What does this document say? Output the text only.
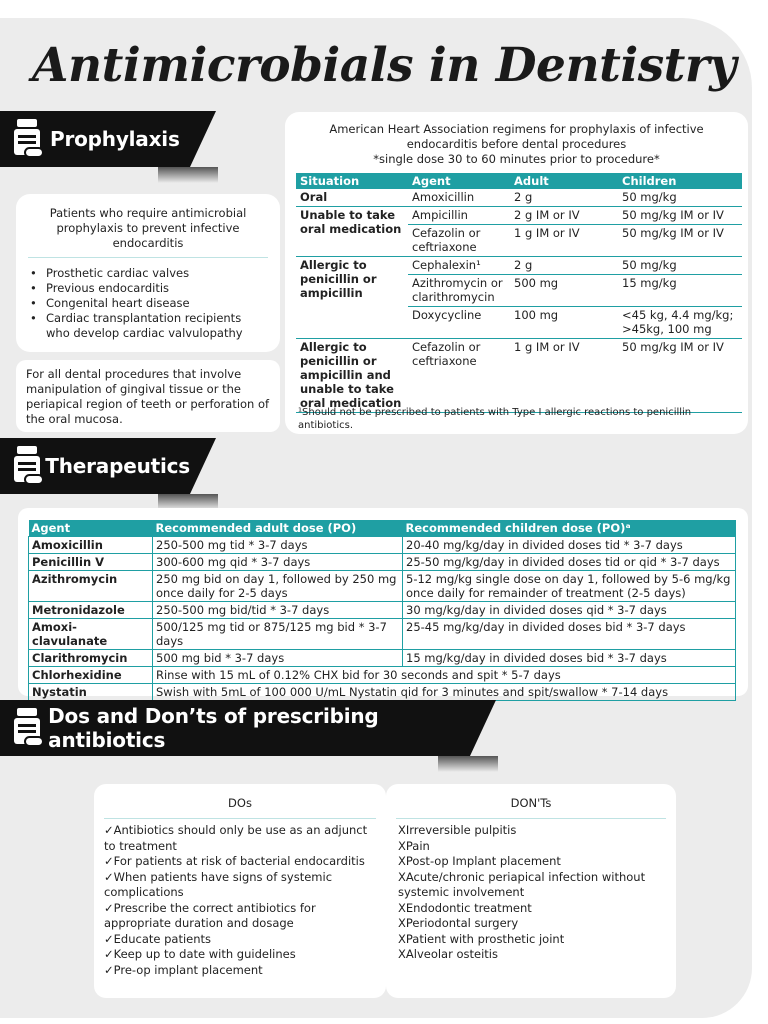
Antimicrobials in Dentistry
Prophylaxis
Patients who require antimicrobial prophylaxis to prevent infective endocarditis
• Prosthetic cardiac valves
• Previous endocarditis
• Congenital heart disease
• Cardiac transplantation recipients who develop cardiac valvulopathy
For all dental procedures that involve manipulation of gingival tissue or the periapical region of teeth or perforation of the oral mucosa.
American Heart Association regimens for prophylaxis of infective
endocarditis before dental procedures
*single dose 30 to 60 minutes prior to procedure*
Situation	Agent	Adult	Children
Oral	Amoxicillin	2 g	50 mg/kg
Unable to take oral medication	Ampicillin	2 g IM or IV	50 mg/kg IM or IV
	Cefazolin or ceftriaxone	1 g IM or IV	50 mg/kg IM or IV
Allergic to penicillin or ampicillin	Cephalexin¹	2 g	50 mg/kg
	Azithromycin or clarithromycin	500 mg	15 mg/kg
	Doxycycline	100 mg	<45 kg, 4.4 mg/kg; >45kg, 100 mg
Allergic to penicillin or ampicillin and unable to take oral medication	Cefazolin or ceftriaxone	1 g IM or IV	50 mg/kg IM or IV
¹Should not be prescribed to patients with Type I allergic reactions to penicillin antibiotics.
Therapeutics
Agent	Recommended adult dose (PO)	Recommended children dose (PO)ᵃ
Amoxicillin	250-500 mg tid * 3-7 days	20-40 mg/kg/day in divided doses tid * 3-7 days
Penicillin V	300-600 mg qid * 3-7 days	25-50 mg/kg/day in divided doses tid or qid * 3-7 days
Azithromycin	250 mg bid on day 1, followed by 250 mg once daily for 2-5 days	5-12 mg/kg single dose on day 1, followed by 5-6 mg/kg once daily for remainder of treatment (2-5 days)
Metronidazole	250-500 mg bid/tid * 3-7 days	30 mg/kg/day in divided doses qid * 3-7 days
Amoxi-clavulanate	500/125 mg tid or 875/125 mg bid * 3-7 days	25-45 mg/kg/day in divided doses bid * 3-7 days
Clarithromycin	500 mg bid * 3-7 days	15 mg/kg/day in divided doses bid * 3-7 days
Chlorhexidine	Rinse with 15 mL of 0.12% CHX bid for 30 seconds and spit * 5-7 days	
Nystatin	Swish with 5mL of 100 000 U/mL Nystatin qid for 3 minutes and spit/swallow * 7-14 days	
Dos and Don’ts of prescribing antibiotics
DOs
✓Antibiotics should only be use as an adjunct to treatment
✓For patients at risk of bacterial endocarditis
✓When patients have signs of systemic complications
✓Prescribe the correct antibiotics for appropriate duration and dosage
✓Educate patients
✓Keep up to date with guidelines
✓Pre-op implant placement
DON'Ts
ΧIrreversible pulpitis
ΧPain
ΧPost-op Implant placement
ΧAcute/chronic periapical infection without systemic involvement
ΧEndodontic treatment
ΧPeriodontal surgery
ΧPatient with prosthetic joint
ΧAlveolar osteitis
